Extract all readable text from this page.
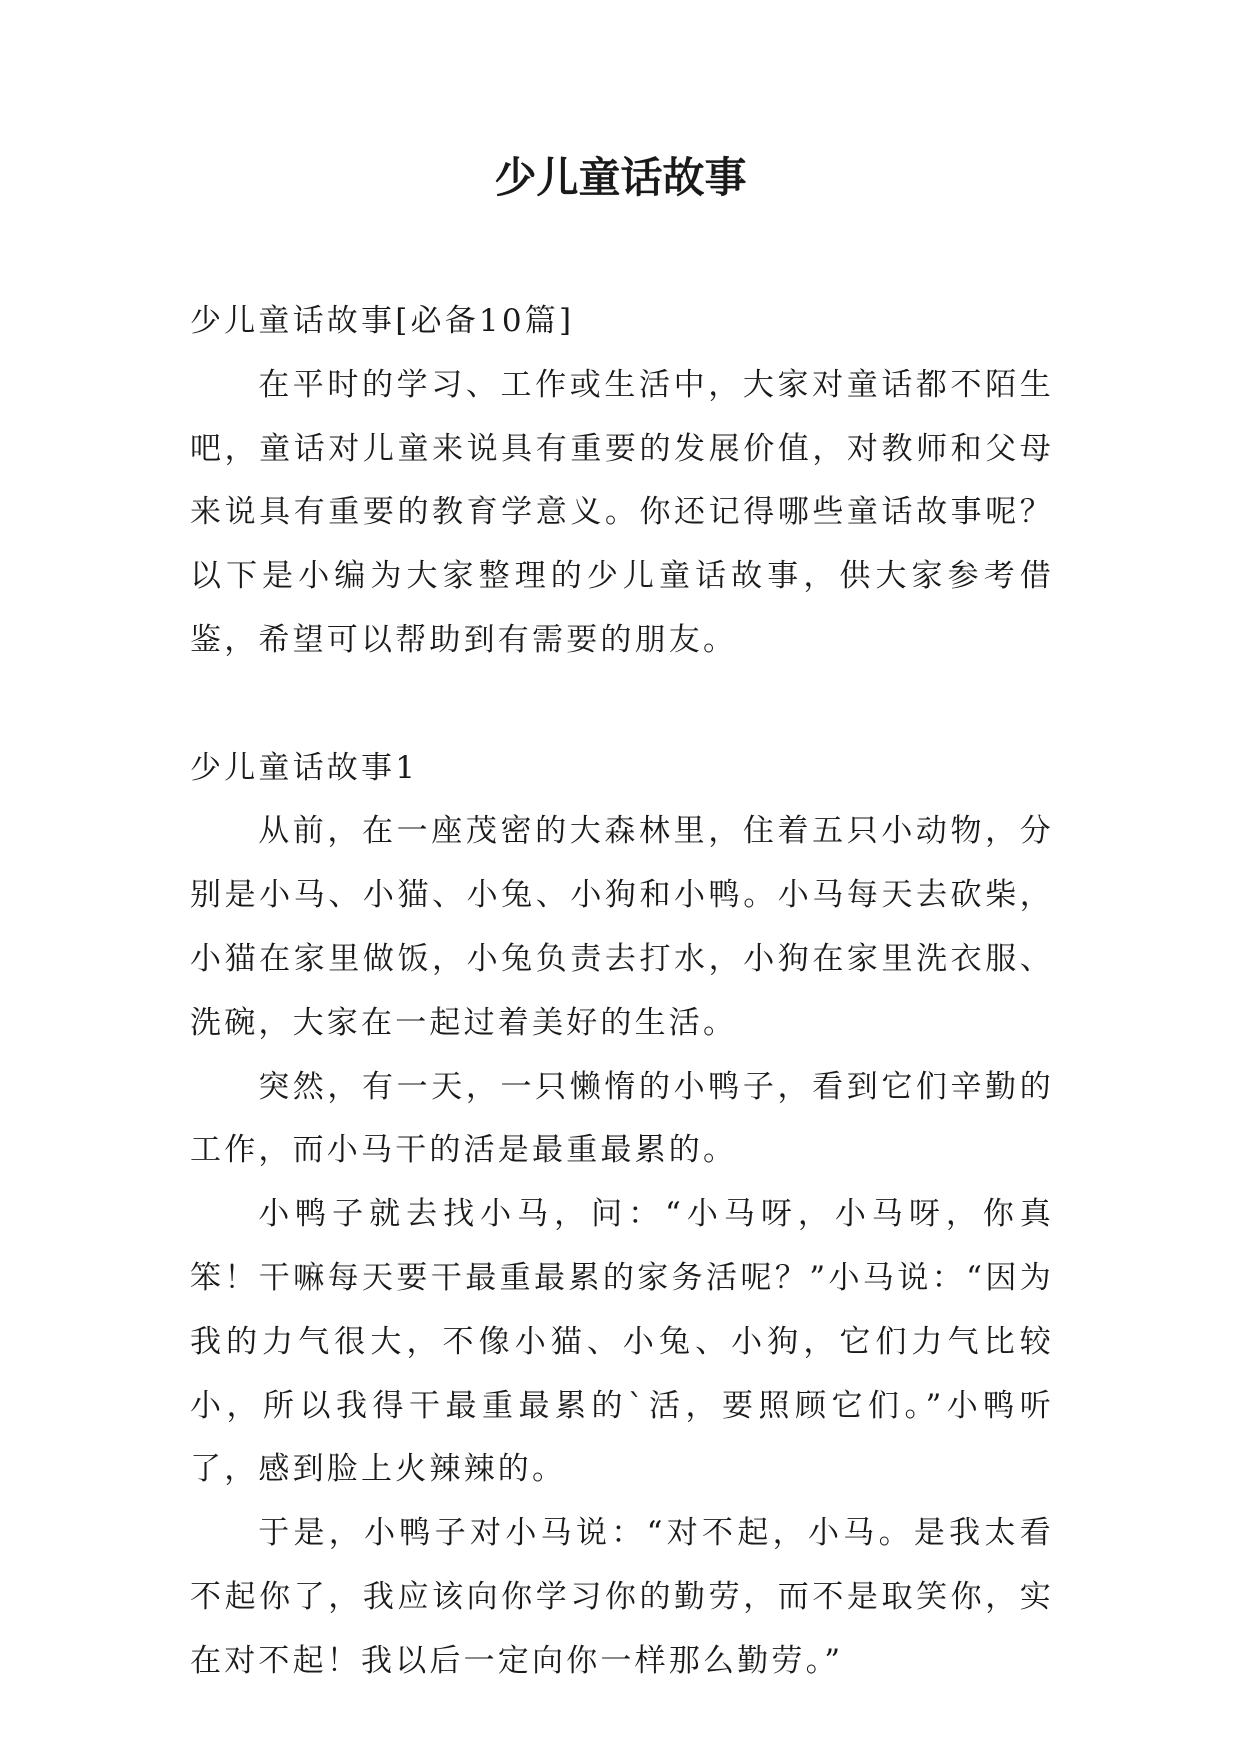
少儿童话故事

少儿童话故事[必备10篇]

在平时的学习、工作或生活中，大家对童话都不陌生吧，童话对儿童来说具有重要的发展价值，对教师和父母来说具有重要的教育学意义。你还记得哪些童话故事呢？以下是小编为大家整理的少儿童话故事，供大家参考借鉴，希望可以帮助到有需要的朋友。

少儿童话故事1

从前，在一座茂密的大森林里，住着五只小动物，分别是小马、小猫、小兔、小狗和小鸭。小马每天去砍柴，小猫在家里做饭，小兔负责去打水，小狗在家里洗衣服、洗碗，大家在一起过着美好的生活。

突然，有一天，一只懒惰的小鸭子，看到它们辛勤的工作，而小马干的活是最重最累的。

小鸭子就去找小马，问：“小马呀，小马呀，你真笨！干嘛每天要干最重最累的家务活呢？”小马说：“因为我的力气很大，不像小猫、小兔、小狗，它们力气比较小，所以我得干最重最累的`活，要照顾它们。”小鸭听了，感到脸上火辣辣的。

于是，小鸭子对小马说：“对不起，小马。是我太看不起你了，我应该向你学习你的勤劳，而不是取笑你，实在对不起！我以后一定向你一样那么勤劳。”
